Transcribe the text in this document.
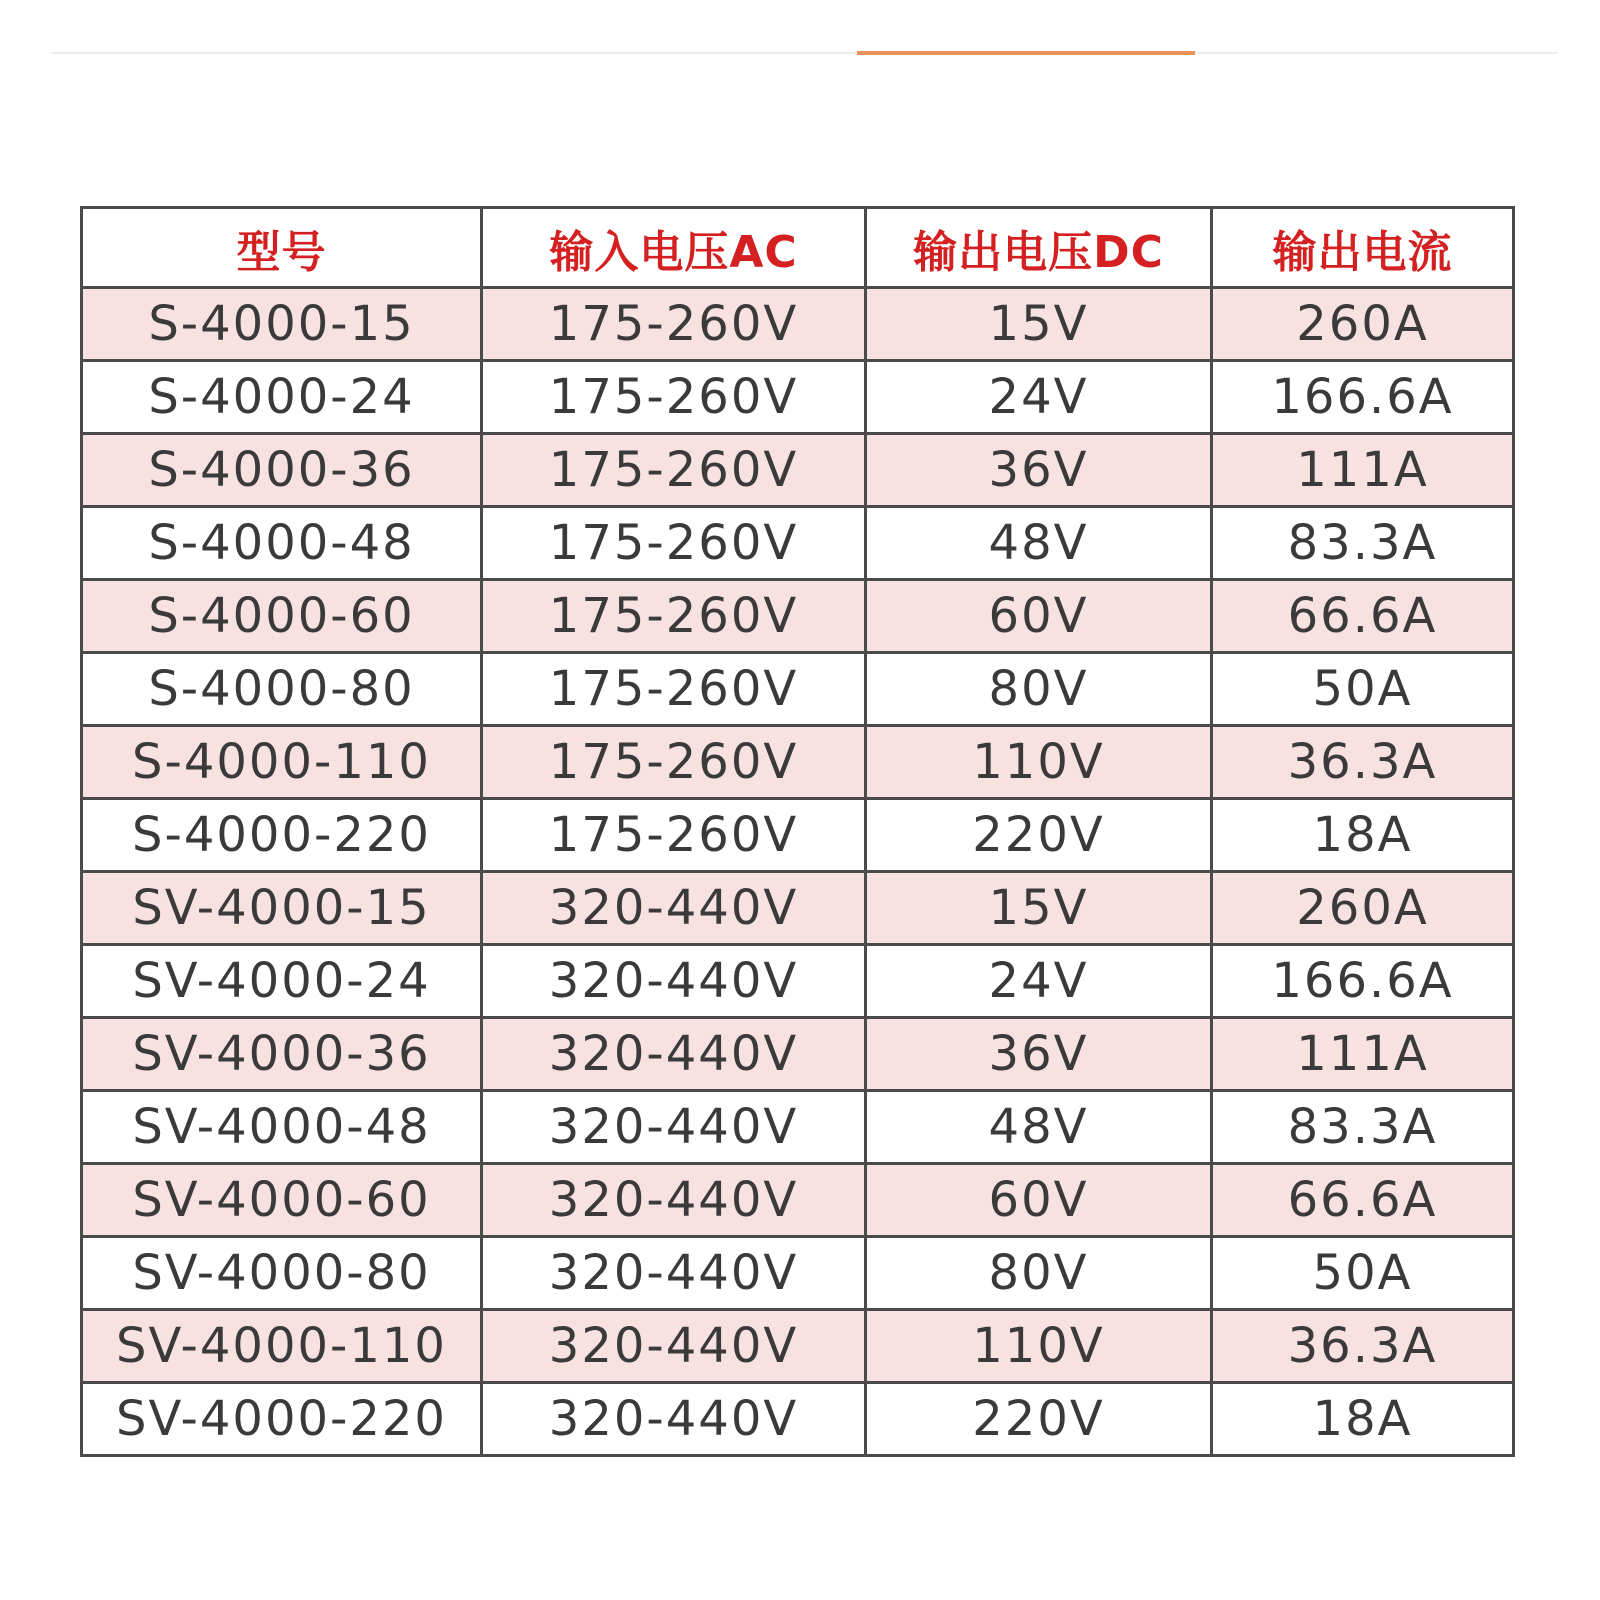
型号	输入电压AC	输出电压DC	输出电流
S-4000-15	175-260V	15V	260A
S-4000-24	175-260V	24V	166.6A
S-4000-36	175-260V	36V	111A
S-4000-48	175-260V	48V	83.3A
S-4000-60	175-260V	60V	66.6A
S-4000-80	175-260V	80V	50A
S-4000-110	175-260V	110V	36.3A
S-4000-220	175-260V	220V	18A
SV-4000-15	320-440V	15V	260A
SV-4000-24	320-440V	24V	166.6A
SV-4000-36	320-440V	36V	111A
SV-4000-48	320-440V	48V	83.3A
SV-4000-60	320-440V	60V	66.6A
SV-4000-80	320-440V	80V	50A
SV-4000-110	320-440V	110V	36.3A
SV-4000-220	320-440V	220V	18A
